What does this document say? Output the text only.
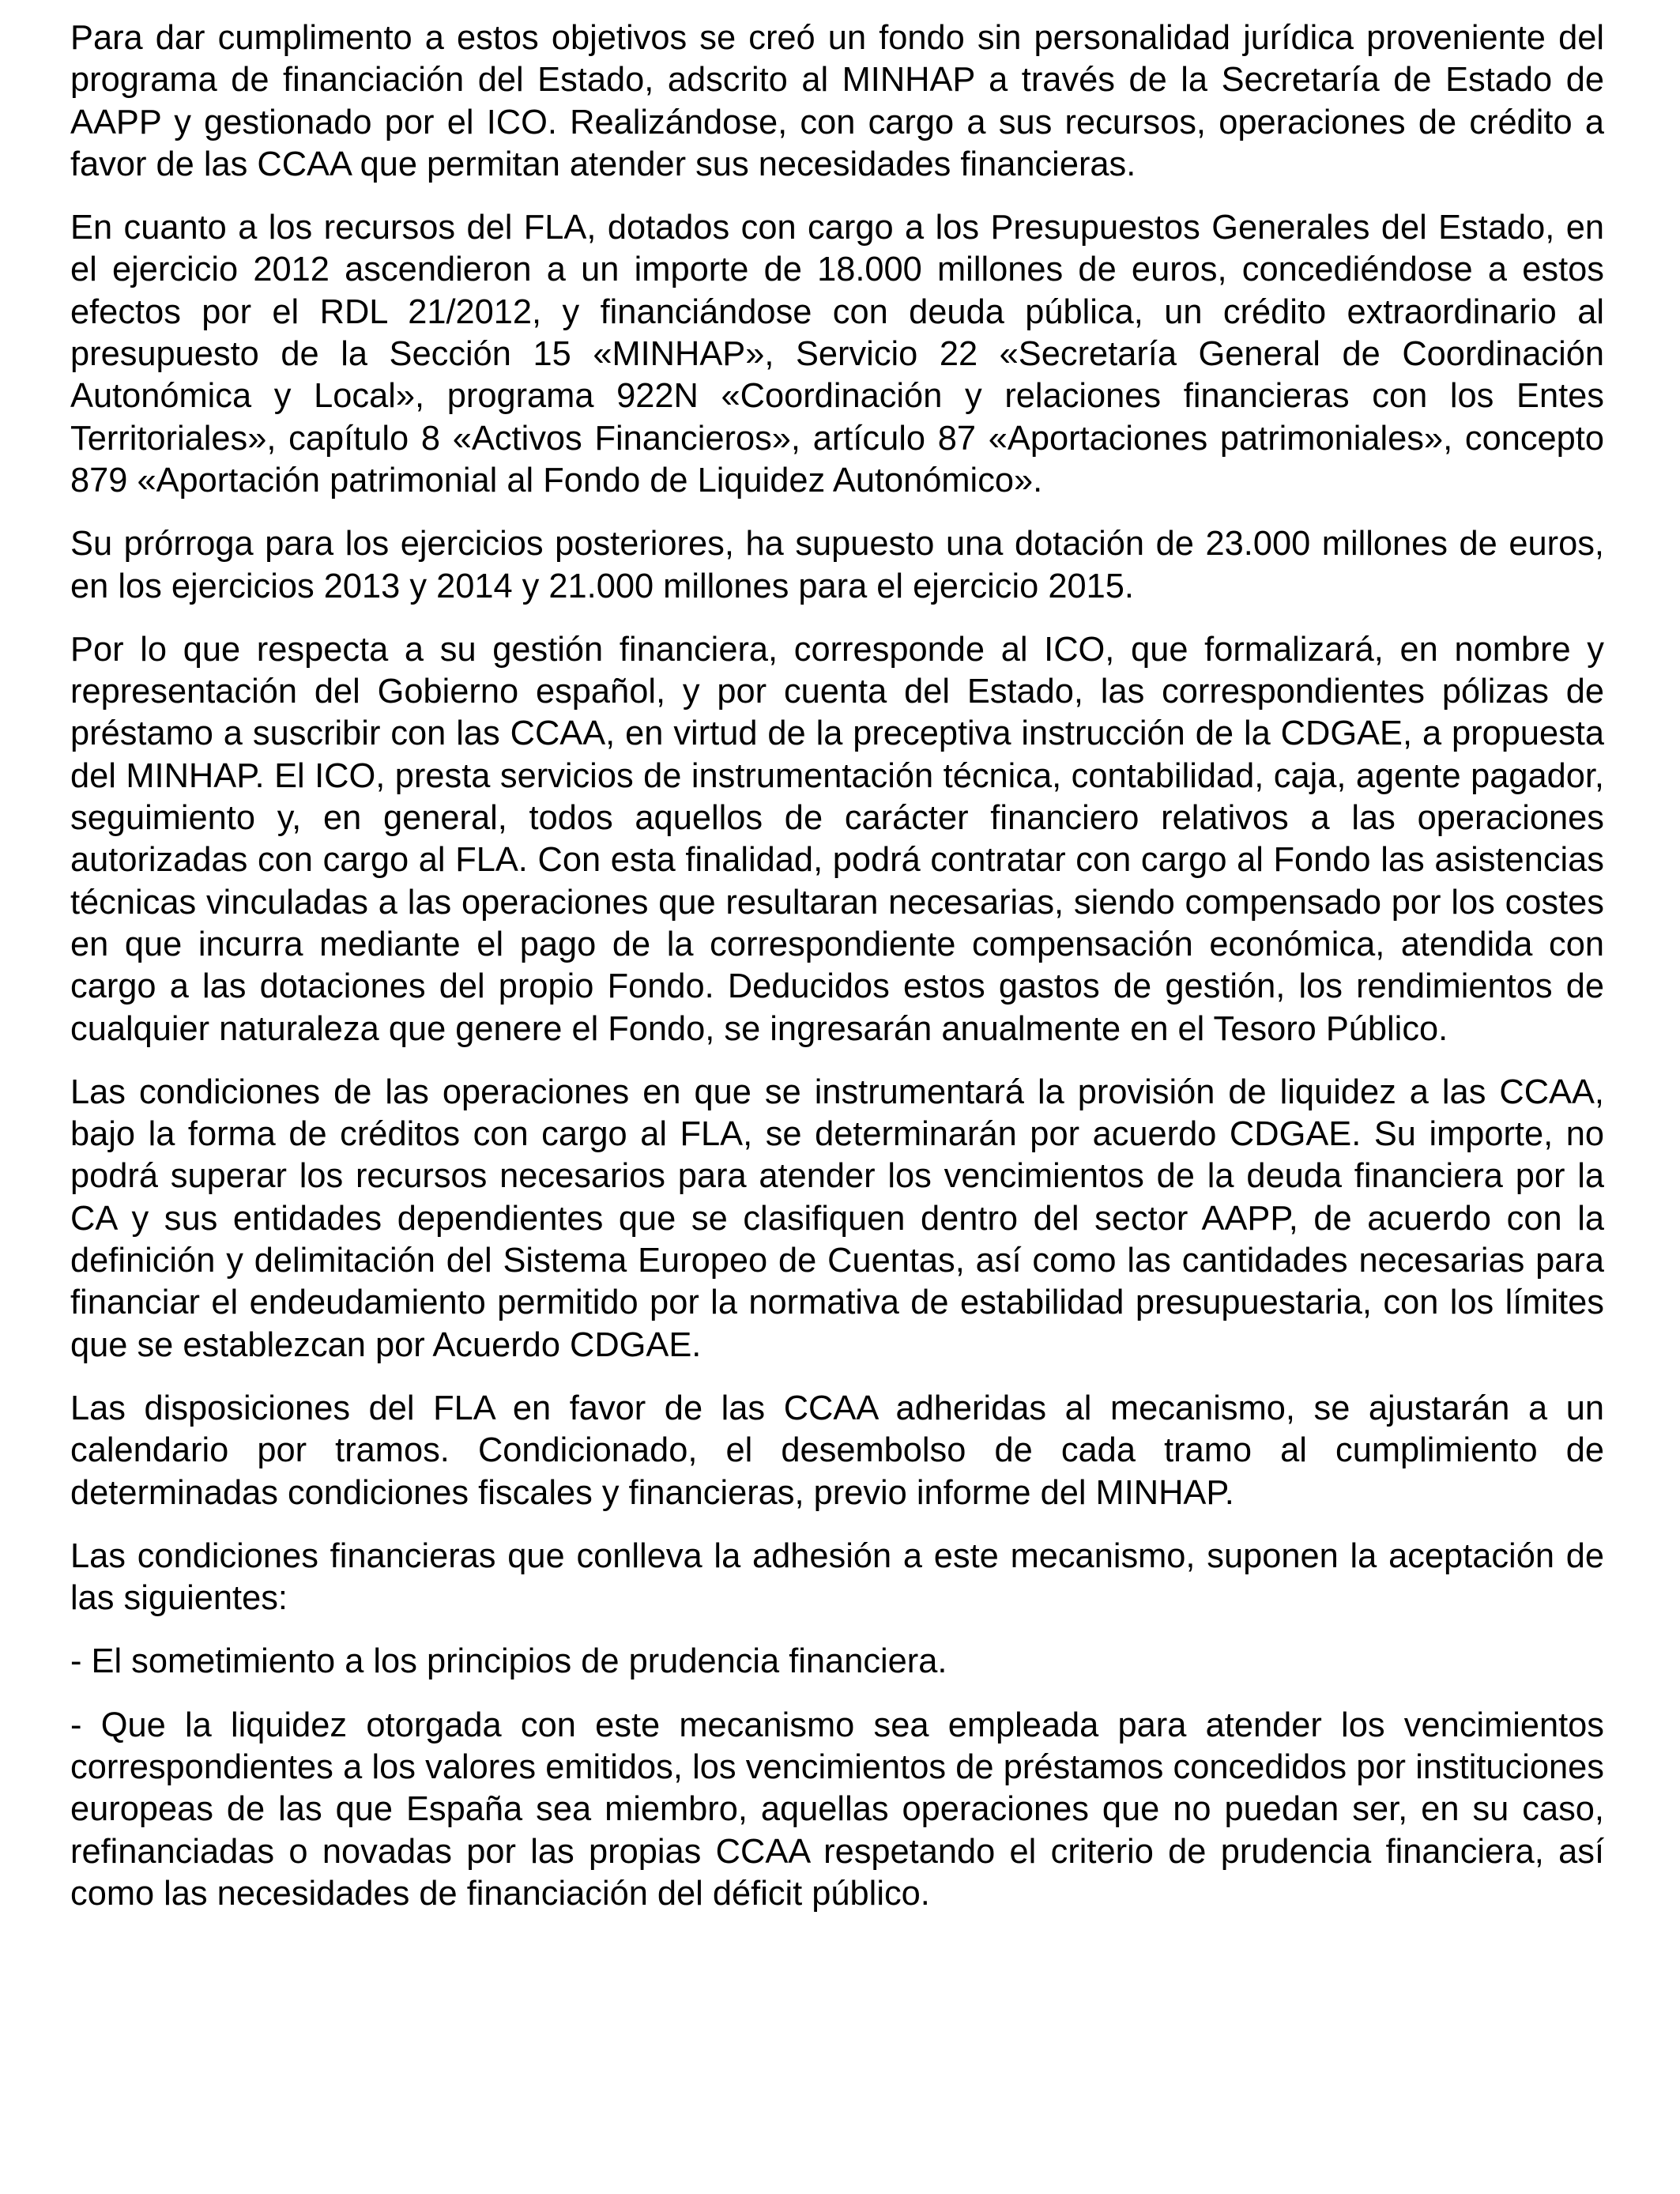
Para dar cumplimento a estos objetivos se creó un fondo sin personalidad jurídica proveniente del programa de financiación del Estado, adscrito al MINHAP a través de la Secretaría de Estado de AAPP y gestionado por el ICO. Realizándose, con cargo a sus recursos, operaciones de crédito a favor de las CCAA que permitan atender sus necesidades financieras.

En cuanto a los recursos del FLA, dotados con cargo a los Presupuestos Generales del Estado, en el ejercicio 2012 ascendieron a un importe de 18.000 millones de euros, concediéndose a estos efectos por el RDL 21/2012, y financiándose con deuda pública, un crédito extraordinario al presupuesto de la Sección 15 «MINHAP», Servicio 22 «Secretaría General de Coordinación Autonómica y Local», programa 922N «Coordinación y relaciones financieras con los Entes Territoriales», capítulo 8 «Activos Financieros», artículo 87 «Aportaciones patrimoniales», concepto 879 «Aportación patrimonial al Fondo de Liquidez Autonómico».

Su prórroga para los ejercicios posteriores, ha supuesto una dotación de 23.000 millones de euros, en los ejercicios 2013 y 2014 y 21.000 millones para el ejercicio 2015.

Por lo que respecta a su gestión financiera, corresponde al ICO, que formalizará, en nombre y representación del Gobierno español, y por cuenta del Estado, las correspondientes pólizas de préstamo a suscribir con las CCAA, en virtud de la preceptiva instrucción de la CDGAE, a propuesta del MINHAP. El ICO, presta servicios de instrumentación técnica, contabilidad, caja, agente pagador, seguimiento y, en general, todos aquellos de carácter financiero relativos a las operaciones autorizadas con cargo al FLA. Con esta finalidad, podrá contratar con cargo al Fondo las asistencias técnicas vinculadas a las operaciones que resultaran necesarias, siendo compensado por los costes en que incurra mediante el pago de la correspondiente compensación económica, atendida con cargo a las dotaciones del propio Fondo. Deducidos estos gastos de gestión, los rendimientos de cualquier naturaleza que genere el Fondo, se ingresarán anualmente en el Tesoro Público.

Las condiciones de las operaciones en que se instrumentará la provisión de liquidez a las CCAA, bajo la forma de créditos con cargo al FLA, se determinarán por acuerdo CDGAE. Su importe, no podrá superar los recursos necesarios para atender los vencimientos de la deuda financiera por la CA y sus entidades dependientes que se clasifiquen dentro del sector AAPP, de acuerdo con la definición y delimitación del Sistema Europeo de Cuentas, así como las cantidades necesarias para financiar el endeudamiento permitido por la normativa de estabilidad presupuestaria, con los límites que se establezcan por Acuerdo CDGAE.

Las disposiciones del FLA en favor de las CCAA adheridas al mecanismo, se ajustarán a un calendario por tramos. Condicionado, el desembolso de cada tramo al cumplimiento de determinadas condiciones fiscales y financieras, previo informe del MINHAP.

Las condiciones financieras que conlleva la adhesión a este mecanismo, suponen la aceptación de las siguientes:

- El sometimiento a los principios de prudencia financiera.

- Que la liquidez otorgada con este mecanismo sea empleada para atender los vencimientos correspondientes a los valores emitidos, los vencimientos de préstamos concedidos por instituciones europeas de las que España sea miembro, aquellas operaciones que no puedan ser, en su caso, refinanciadas o novadas por las propias CCAA respetando el criterio de prudencia financiera, así como las necesidades de financiación del déficit público.
